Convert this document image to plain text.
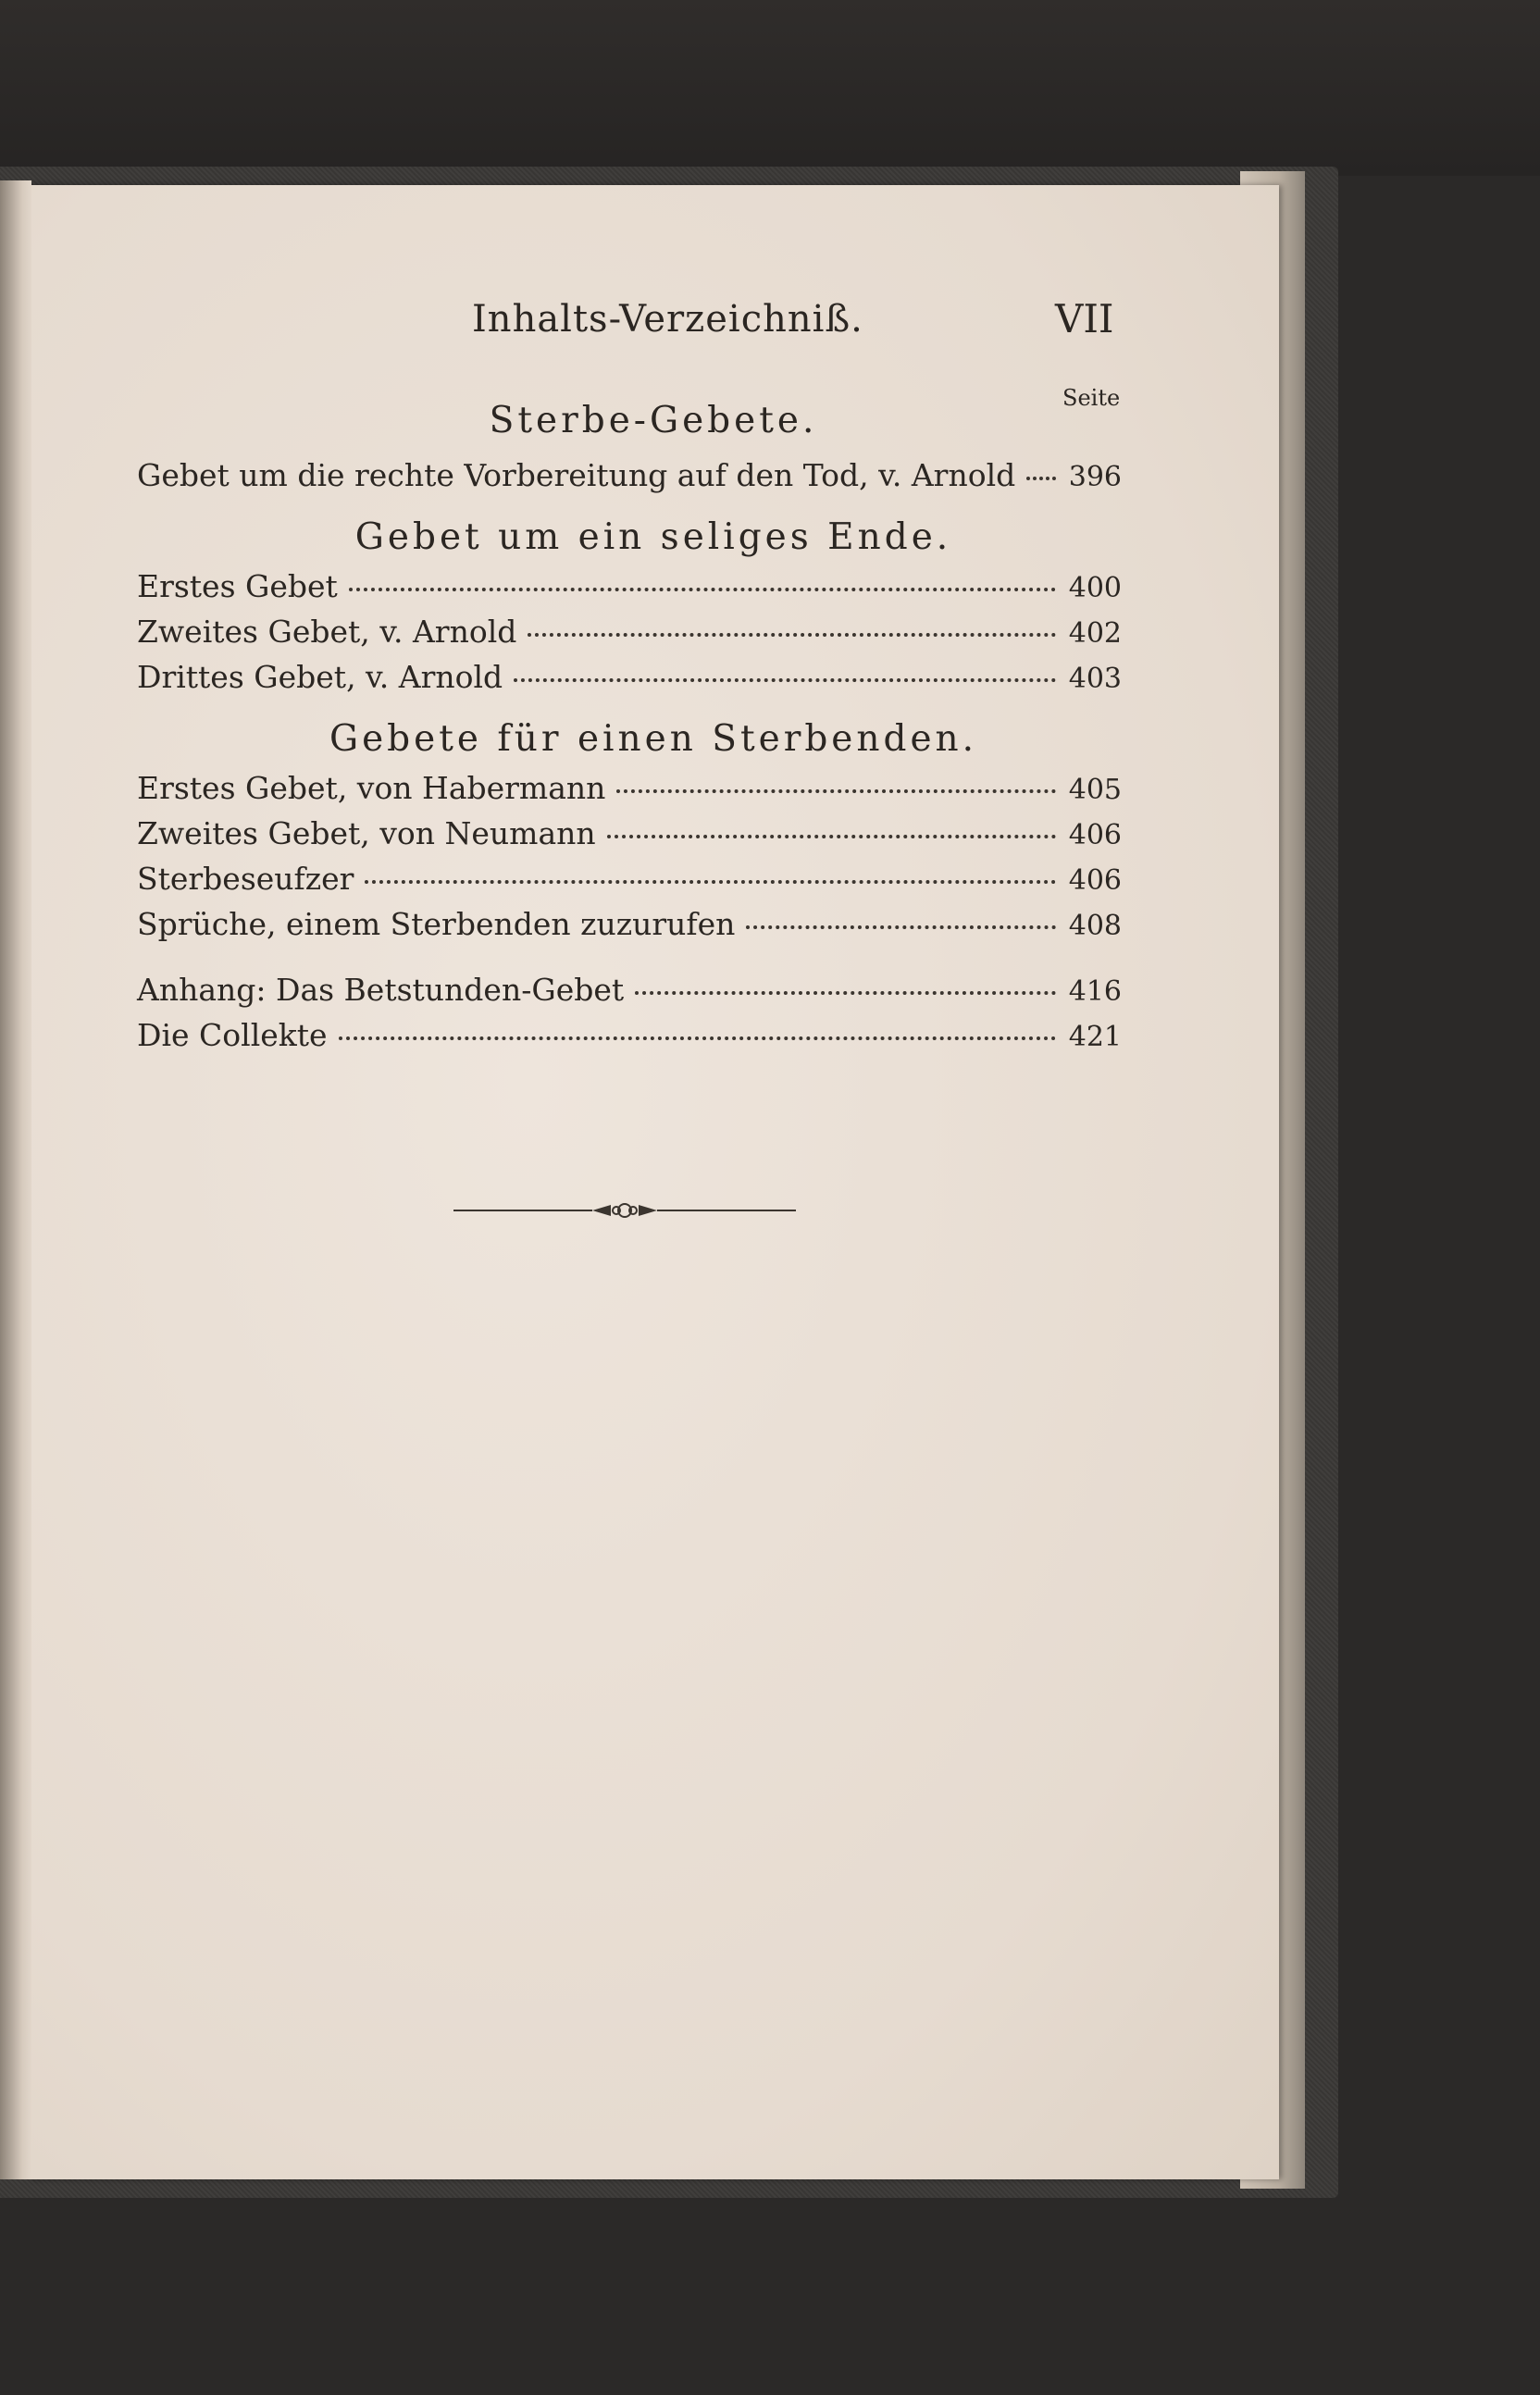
Inhalts-Verzeichniß.	VII
Seite
Sterbe-Gebete.
Gebet um die rechte Vorbereitung auf den Tod, v. Arnold 396
Gebet um ein seliges Ende.
Erstes Gebet	400
Zweites Gebet, v. Arnold	402
Drittes Gebet, v. Arnold	403
Gebete für einen Sterbenden.
Erstes Gebet, von Habermann	405
Zweites Gebet, von Neumann	406
Sterbeseufzer	406
Sprüche, einem Sterbenden zuzurufen	408
Anhang: Das Betstunden-Gebet	416
Die Collekte	421
